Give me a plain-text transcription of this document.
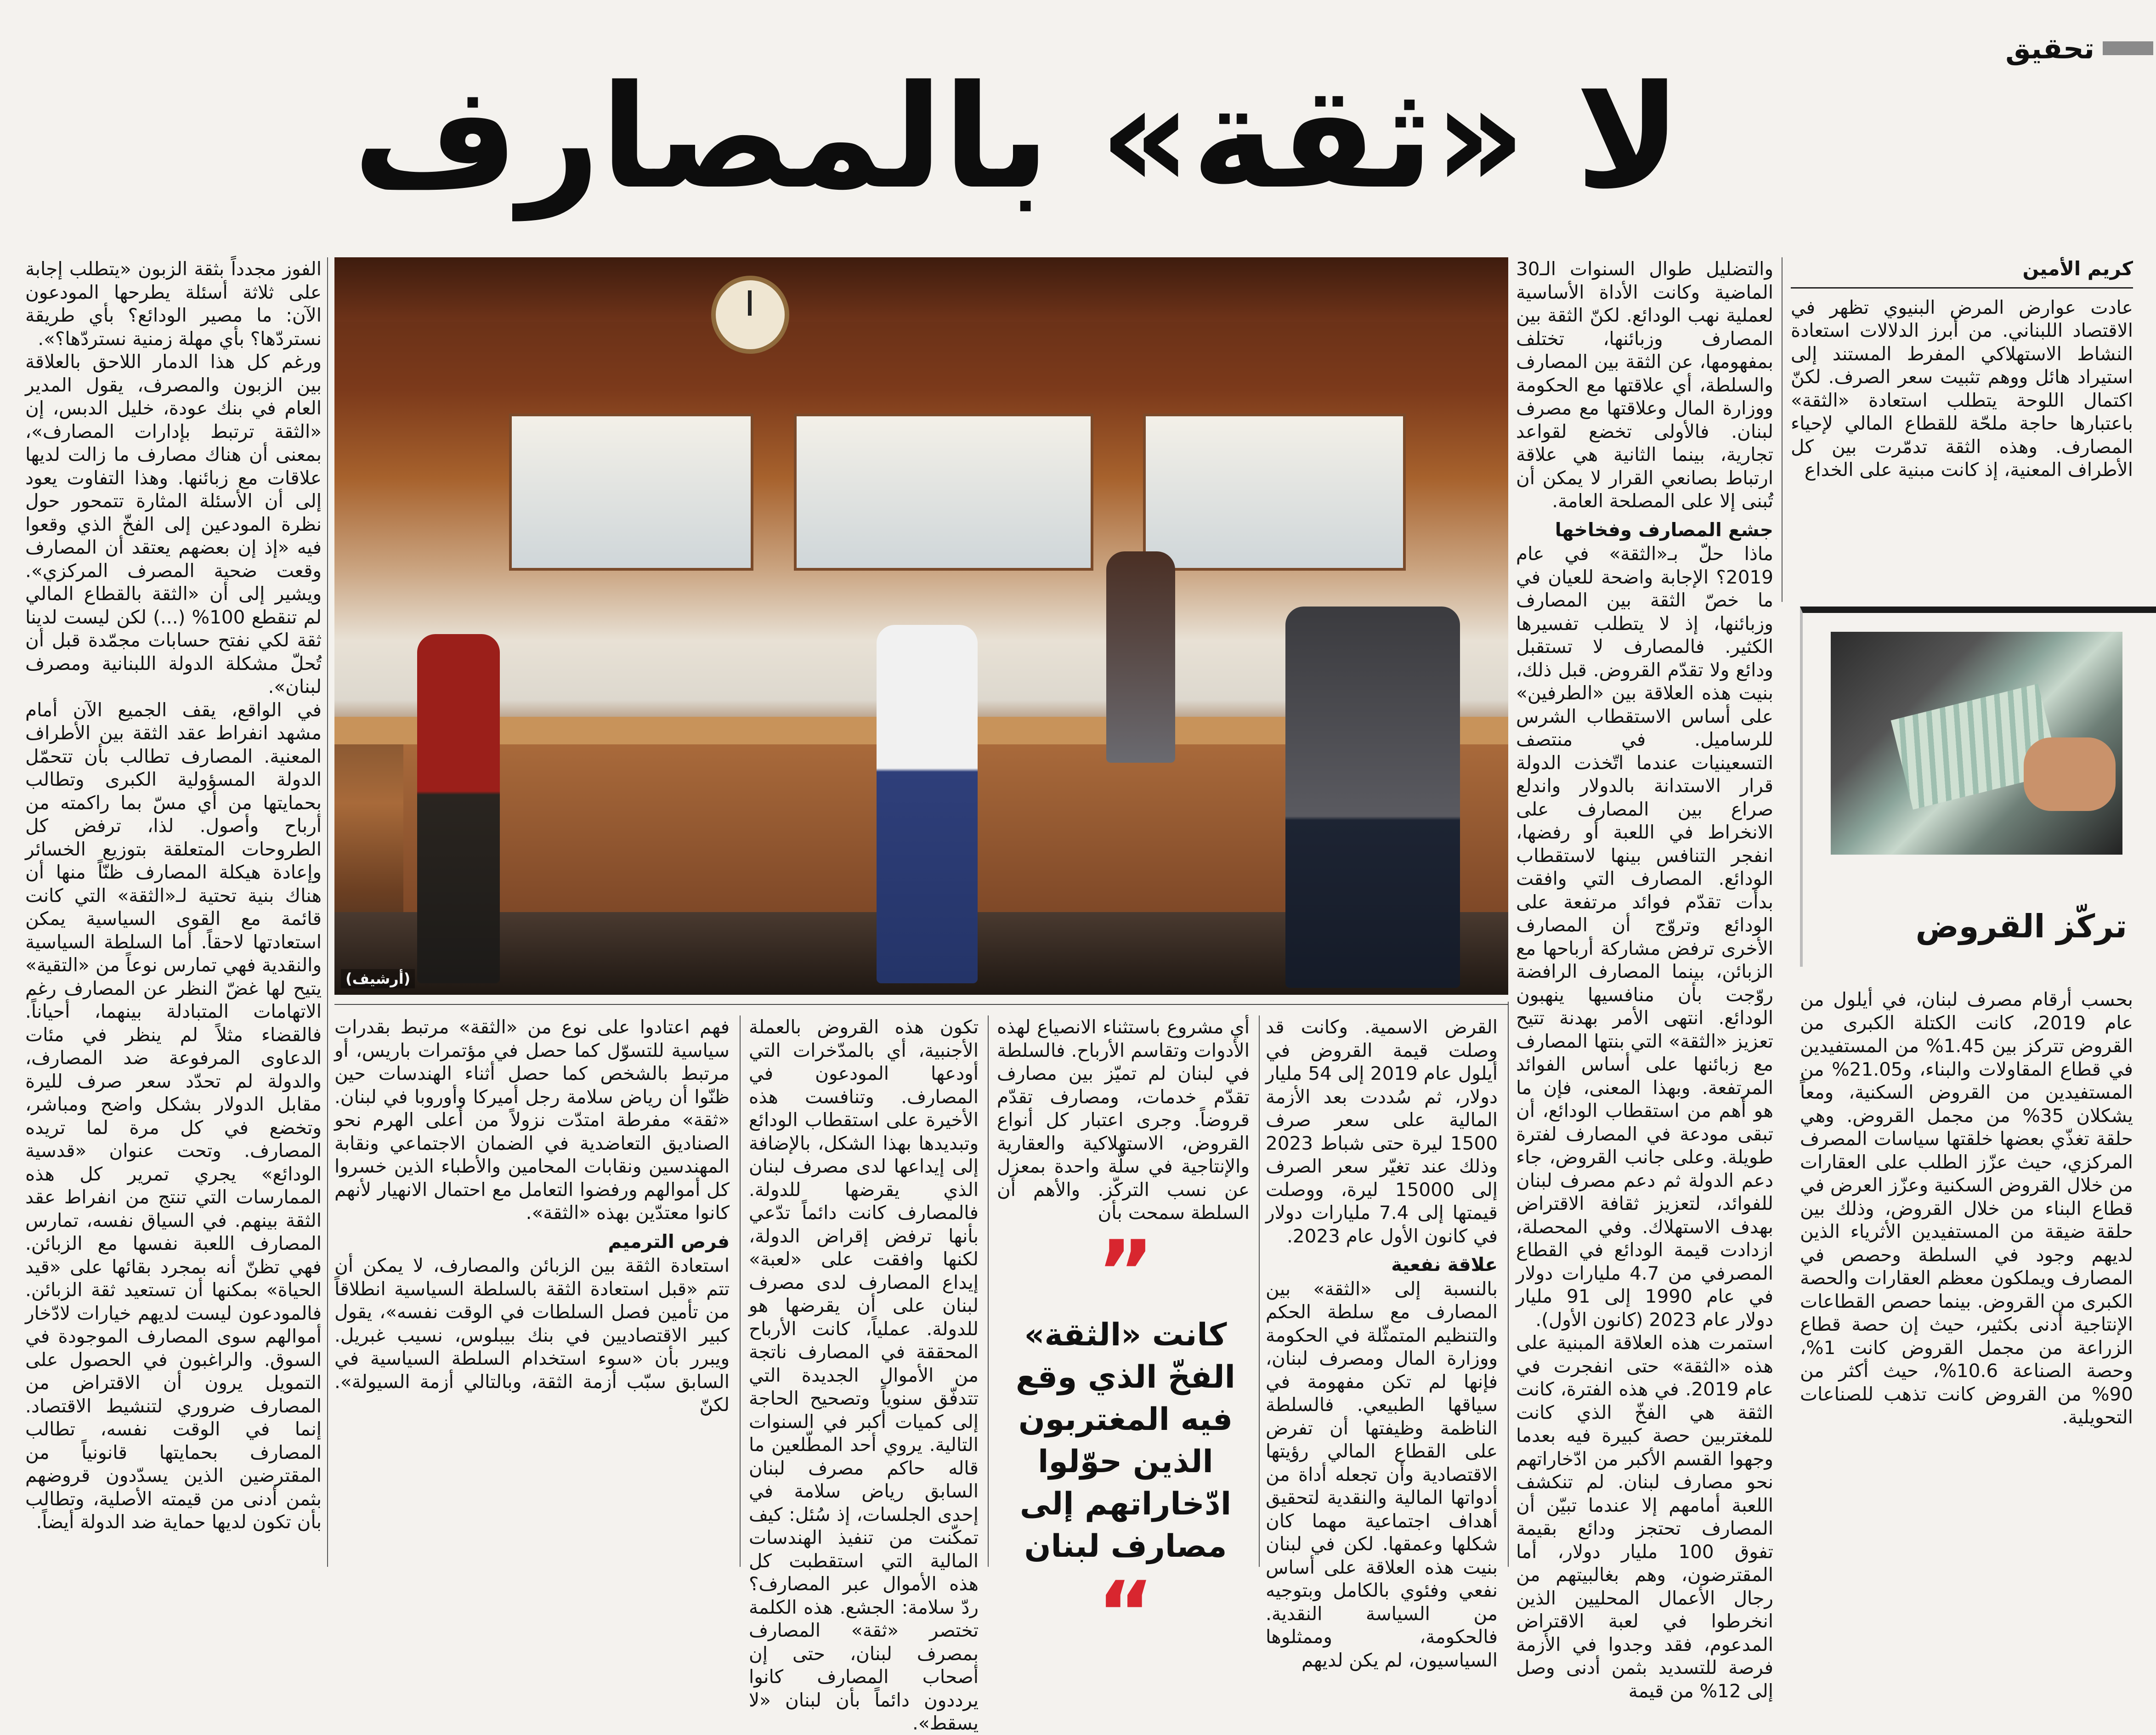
تحقيق
لا «ثقة» بالمصارف
كريم الأمين

عادت عوارض المرض البنيوي تظهر في الاقتصاد اللبناني. من أبرز الدلالات استعادة النشاط الاستهلاكي المفرط المستند إلى استيراد هائل ووهم تثبيت سعر الصرف. لكنّ اكتمال اللوحة يتطلب استعادة «الثقة» باعتبارها حاجة ملحّة للقطاع المالي لإحياء المصارف. وهذه الثقة تدمّرت بين كل الأطراف المعنية، إذ كانت مبنية على الخداع

والتضليل طوال السنوات الـ30 الماضية وكانت الأداة الأساسية لعملية نهب الودائع. لكنّ الثقة بين المصارف وزبائنها، تختلف بمفهومها، عن الثقة بين المصارف والسلطة، أي علاقتها مع الحكومة ووزارة المال وعلاقتها مع مصرف لبنان. فالأولى تخضع لقواعد تجارية، بينما الثانية هي علاقة ارتباط بصانعي القرار لا يمكن أن تُبنى إلا على المصلحة العامة.

جشع المصارف وفخاخها

ماذا حلّ بـ«الثقة» في عام 2019؟ الإجابة واضحة للعيان في ما خصّ الثقة بين المصارف وزبائنها، إذ لا يتطلب تفسيرها الكثير. فالمصارف لا تستقبل ودائع ولا تقدّم القروض. قبل ذلك، بنيت هذه العلاقة بين «الطرفين» على أساس الاستقطاب الشرس للرساميل. في منتصف التسعينيات عندما اتّخذت الدولة قرار الاستدانة بالدولار واندلع صراع بين المصارف على الانخراط في اللعبة أو رفضها، انفجر التنافس بينها لاستقطاب الودائع. المصارف التي وافقت بدأت تقدّم فوائد مرتفعة على الودائع وتروّج أن المصارف الأخرى ترفض مشاركة أرباحها مع الزبائن، بينما المصارف الرافضة روّجت بأن منافسيها ينهبون الودائع. انتهى الأمر بهدنة تتيح تعزيز «الثقة» التي بنتها المصارف مع زبائنها على أساس الفوائد المرتفعة. وبهذا المعنى، فإن ما هو أهم من استقطاب الودائع، أن تبقى مودعة في المصارف لفترة طويلة. وعلى جانب القروض، جاء دعم الدولة ثم دعم مصرف لبنان للفوائد، لتعزيز ثقافة الاقتراض بهدف الاستهلاك. وفي المحصلة، ازدادت قيمة الودائع في القطاع المصرفي من 4.7 مليارات دولار في عام 1990 إلى 91 مليار دولار عام 2023 (كانون الأول).

استمرت هذه العلاقة المبنية على هذه «الثقة» حتى انفجرت في عام 2019. في هذه الفترة، كانت الثقة هي الفخّ الذي كانت للمغتربين حصة كبيرة فيه بعدما وجهوا القسم الأكبر من ادّخاراتهم نحو مصارف لبنان. لم تنكشف اللعبة أمامهم إلا عندما تبيّن أن المصارف تحتجز ودائع بقيمة تفوق 100 مليار دولار، أما المقترضون، وهم بغالبيتهم من رجال الأعمال المحليين الذين انخرطوا في لعبة الاقتراض المدعوم، فقد وجدوا في الأزمة فرصة للتسديد بثمن أدنى وصل إلى 12% من قيمة

(أرشيف)

القرض الاسمية. وكانت قد وصلت قيمة القروض في أيلول عام 2019 إلى 54 مليار دولار، ثم سُددت بعد الأزمة المالية على سعر صرف 1500 ليرة حتى شباط 2023 وذلك عند تغيّر سعر الصرف إلى 15000 ليرة، ووصلت قيمتها إلى 7.4 مليارات دولار في كانون الأول عام 2023.

علاقة نفعية

بالنسبة إلى «الثقة» بين المصارف مع سلطة الحكم والتنظيم المتمثّلة في الحكومة ووزارة المال ومصرف لبنان، فإنها لم تكن مفهومة في سياقها الطبيعي. فالسلطة الناظمة وظيفتها أن تفرض على القطاع المالي رؤيتها الاقتصادية وأن تجعله أداة من أدواتها المالية والنقدية لتحقيق أهداف اجتماعية مهما كان شكلها وعمقها. لكن في لبنان بنيت هذه العلاقة على أساس نفعي وفئوي بالكامل وبتوجيه من السياسة النقدية. فالحكومة، وممثلوها السياسيون، لم يكن لديهم

أي مشروع باستثناء الانصياع لهذه الأدوات وتقاسم الأرباح. فالسلطة في لبنان لم تميّز بين مصارف تقدّم خدمات، ومصارف تقدّم قروضاً. وجرى اعتبار كل أنواع القروض، الاستهلاكية والعقارية والإنتاجية في سلّة واحدة بمعزل عن نسب التركّز. والأهم أن السلطة سمحت بأن

”
كانت «الثقة» الفخّ الذي وقع فيه المغتربون الذين حوّلوا ادّخاراتهم إلى مصارف لبنان
“

تكون هذه القروض بالعملة الأجنبية، أي بالمدّخرات التي أودعها المودعون في المصارف. وتنافست هذه الأخيرة على استقطاب الودائع وتبديدها بهذا الشكل، بالإضافة إلى إيداعها لدى مصرف لبنان الذي يقرضها للدولة. فالمصارف كانت دائماً تدّعي بأنها ترفض إقراض الدولة، لكنها وافقت على «لعبة» إيداع المصارف لدى مصرف لبنان على أن يقرضها هو للدولة. عملياً، كانت الأرباح المحققة في المصارف ناتجة من الأموال الجديدة التي تتدفّق سنوياً وتصحيح الحاجة إلى كميات أكبر في السنوات التالية. يروي أحد المطّلعين ما قاله حاكم مصرف لبنان السابق رياض سلامة في إحدى الجلسات، إذ سُئل: كيف تمكّنت من تنفيذ الهندسات المالية التي استقطبت كل هذه الأموال عبر المصارف؟ ردّ سلامة: الجشع. هذه الكلمة تختصر «ثقة» المصارف بمصرف لبنان، حتى إن أصحاب المصارف كانوا يرددون دائماً بأن لبنان «لا يسقط».

فهم اعتادوا على نوع من «الثقة» مرتبط بقدرات سياسية للتسوّل كما حصل في مؤتمرات باريس، أو مرتبط بالشخص كما حصل أثناء الهندسات حين ظنّوا أن رياض سلامة رجل أميركا وأوروبا في لبنان. «ثقة» مفرطة امتدّت نزولاً من أعلى الهرم نحو الصناديق التعاضدية في الضمان الاجتماعي ونقابة المهندسين ونقابات المحامين والأطباء الذين خسروا كل أموالهم ورفضوا التعامل مع احتمال الانهيار لأنهم كانوا معتدّين بهذه «الثقة».

فرص الترميم

استعادة الثقة بين الزبائن والمصارف، لا يمكن أن تتم «قبل استعادة الثقة بالسلطة السياسية انطلاقاً من تأمين فصل السلطات في الوقت نفسه»، يقول كبير الاقتصاديين في بنك بيبلوس، نسيب غبريل. ويبرر بأن «سوء استخدام السلطة السياسية في السابق سبّب أزمة الثقة، وبالتالي أزمة السيولة». لكنّ

الفوز مجدداً بثقة الزبون «يتطلب إجابة على ثلاثة أسئلة يطرحها المودعون الآن: ما مصير الودائع؟ بأي طريقة نستردّها؟ بأي مهلة زمنية نستردّها؟».

ورغم كل هذا الدمار اللاحق بالعلاقة بين الزبون والمصرف، يقول المدير العام في بنك عودة، خليل الدبس، إن «الثقة ترتبط بإدارات المصارف»، بمعنى أن هناك مصارف ما زالت لديها علاقات مع زبائنها. وهذا التفاوت يعود إلى أن الأسئلة المثارة تتمحور حول نظرة المودعين إلى الفخّ الذي وقعوا فيه «إذ إن بعضهم يعتقد أن المصارف وقعت ضحية المصرف المركزي». ويشير إلى أن «الثقة بالقطاع المالي لم تنقطع 100% (...) لكن ليست لدينا ثقة لكي نفتح حسابات مجمّدة قبل أن تُحلّ مشكلة الدولة اللبنانية ومصرف لبنان».

في الواقع، يقف الجميع الآن أمام مشهد انفراط عقد الثقة بين الأطراف المعنية. المصارف تطالب بأن تتحمّل الدولة المسؤولية الكبرى وتطالب بحمايتها من أي مسّ بما راكمته من أرباح وأصول. لذا، ترفض كل الطروحات المتعلقة بتوزيع الخسائر وإعادة هيكلة المصارف ظنّاً منها أن هناك بنية تحتية لـ«الثقة» التي كانت قائمة مع القوى السياسية يمكن استعادتها لاحقاً. أما السلطة السياسية والنقدية فهي تمارس نوعاً من «التقية» يتيح لها غضّ النظر عن المصارف رغم الاتهامات المتبادلة بينهما، أحياناً. فالقضاء مثلاً لم ينظر في مئات الدعاوى المرفوعة ضد المصارف، والدولة لم تحدّد سعر صرف لليرة مقابل الدولار بشكل واضح ومباشر، وتخضع في كل مرة لما تريده المصارف. وتحت عنوان «قدسية الودائع» يجري تمرير كل هذه الممارسات التي تنتج من انفراط عقد الثقة بينهم. في السياق نفسه، تمارس المصارف اللعبة نفسها مع الزبائن. فهي تظنّ أنه بمجرد بقائها على «قيد الحياة» بمكنها أن تستعيد ثقة الزبائن. فالمودعون ليست لديهم خيارات لادّخار أموالهم سوى المصارف الموجودة في السوق. والراغبون في الحصول على التمويل يرون أن الاقتراض من المصارف ضروري لتنشيط الاقتصاد. إنما في الوقت نفسه، تطالب المصارف بحمايتها قانونياً من المقترضين الذين يسدّدون قروضهم بثمن أدنى من قيمته الأصلية، وتطالب بأن تكون لديها حماية ضد الدولة أيضاً.

تركّز القروض

بحسب أرقام مصرف لبنان، في أيلول من عام 2019، كانت الكتلة الكبرى من القروض تتركز بين 1.45% من المستفيدين في قطاع المقاولات والبناء، و21.05% من المستفيدين من القروض السكنية، ومعاً يشكلان 35% من مجمل القروض. وهي حلقة تغذّي بعضها خلقتها سياسات المصرف المركزي، حيث عزّز الطلب على العقارات من خلال القروض السكنية وعزّز العرض في قطاع البناء من خلال القروض، وذلك بين حلقة ضيقة من المستفيدين الأثرياء الذين لديهم وجود في السلطة وحصص في المصارف ويملكون معظم العقارات والحصة الكبرى من القروض. بينما حصص القطاعات الإنتاجية أدنى بكثير، حيث إن حصة قطاع الزراعة من مجمل القروض كانت 1%، وحصة الصناعة 10.6%، حيث أكثر من 90% من القروض كانت تذهب للصناعات التحويلية.
